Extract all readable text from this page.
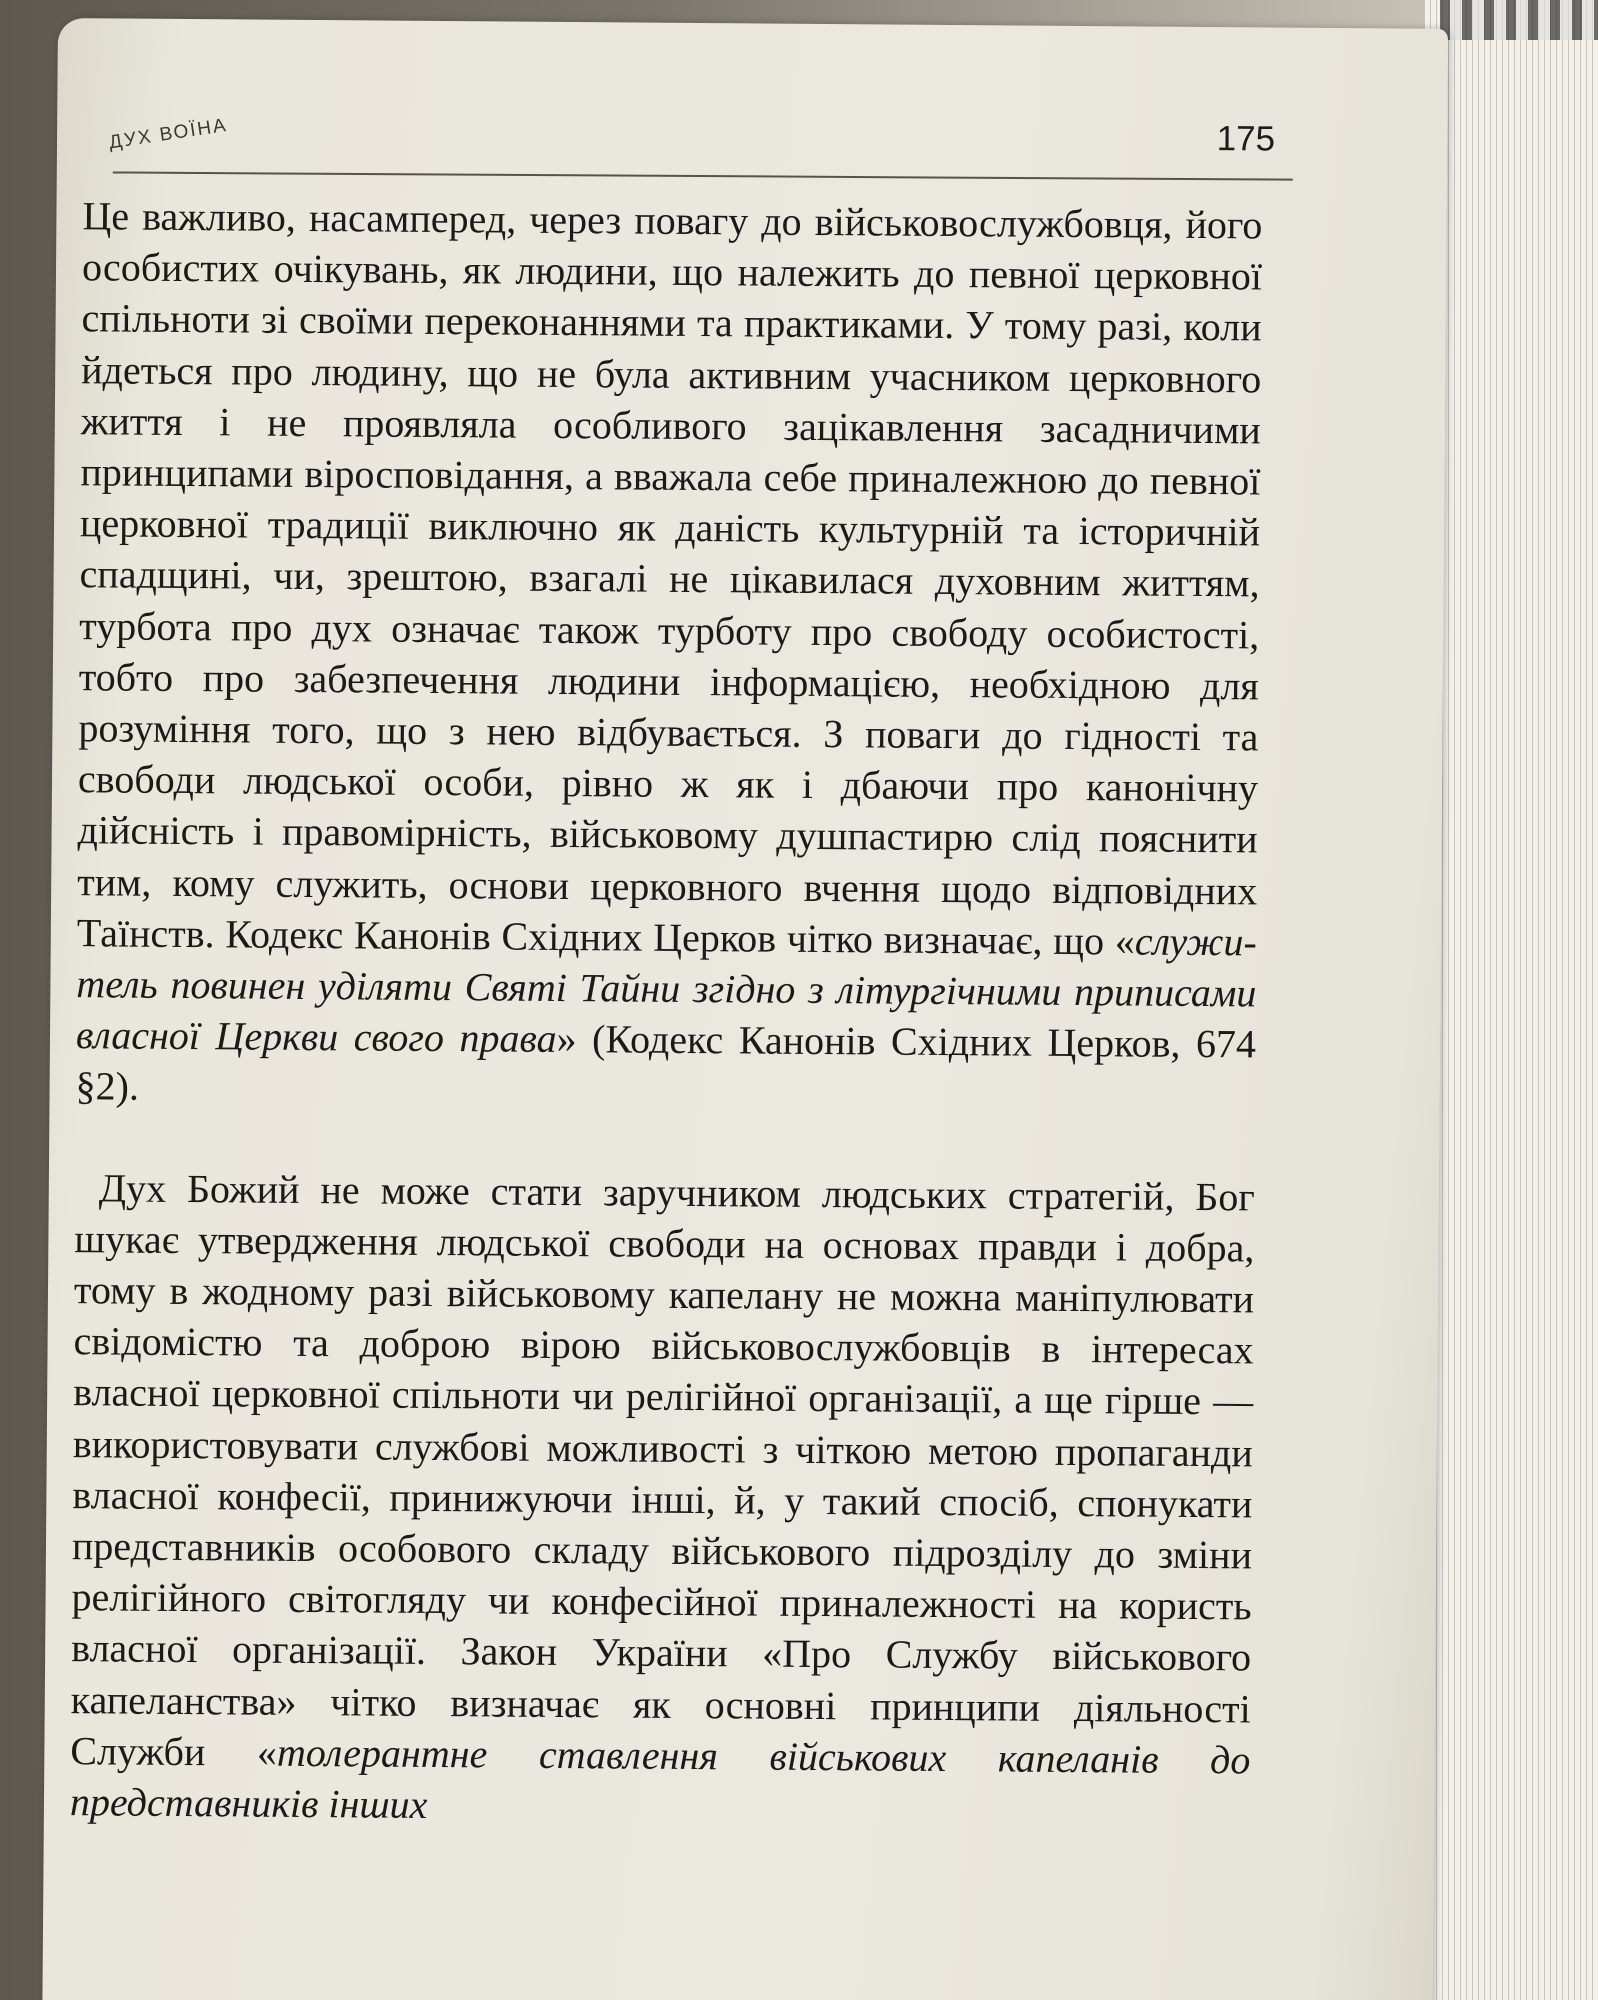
ДУХ ВОЇНА	175

Це важливо, насамперед, через повагу до військовослужбовця, його особистих очікувань, як людини, що належить до певної церковної спільноти зі своїми переконаннями та практиками. У тому разі, коли йдеться про людину, що не була активним учасником церковного життя і не проявляла особливого зацікавлення засадничими принципами віросповідання, а вважала себе приналежною до певної церковної традиції виключно як даність культурній та історичній спадщині, чи, зрештою, взагалі не цікавилася духовним життям, турбота про дух означає також турботу про свободу особистості, тобто про забезпечення людини інформацією, необхідною для розуміння того, що з нею відбувається. З поваги до гідності та свободи людської особи, рівно ж як і дбаючи про канонічну дійсність і правомірність, військовому душпастирю слід пояснити тим, кому служить, основи церковного вчення щодо відповідних Таїнств. Кодекс Канонів Східних Церков чітко визначає, що «служитель повинен уділяти Святі Тайни згідно з літургічними приписами власної Церкви свого права» (Кодекс Канонів Східних Церков, 674 §2).

Дух Божий не може стати заручником людських стратегій, Бог шукає утвердження людської свободи на основах правди і добра, тому в жодному разі військовому капелану не можна маніпулювати свідомістю та доброю вірою військовослужбовців в інтересах власної церковної спільноти чи релігійної організації, а ще гірше — використовувати службові можливості з чіткою метою пропаганди власної конфесії, принижуючи інші, й, у такий спосіб, спонукати представників особового складу військового підрозділу до зміни релігійного світогляду чи конфесійної приналежності на користь власної організації. Закон України «Про Службу військового капеланства» чітко визначає як основні принципи діяльності Служби «толерантне ставлення військових капеланів до представників інших
